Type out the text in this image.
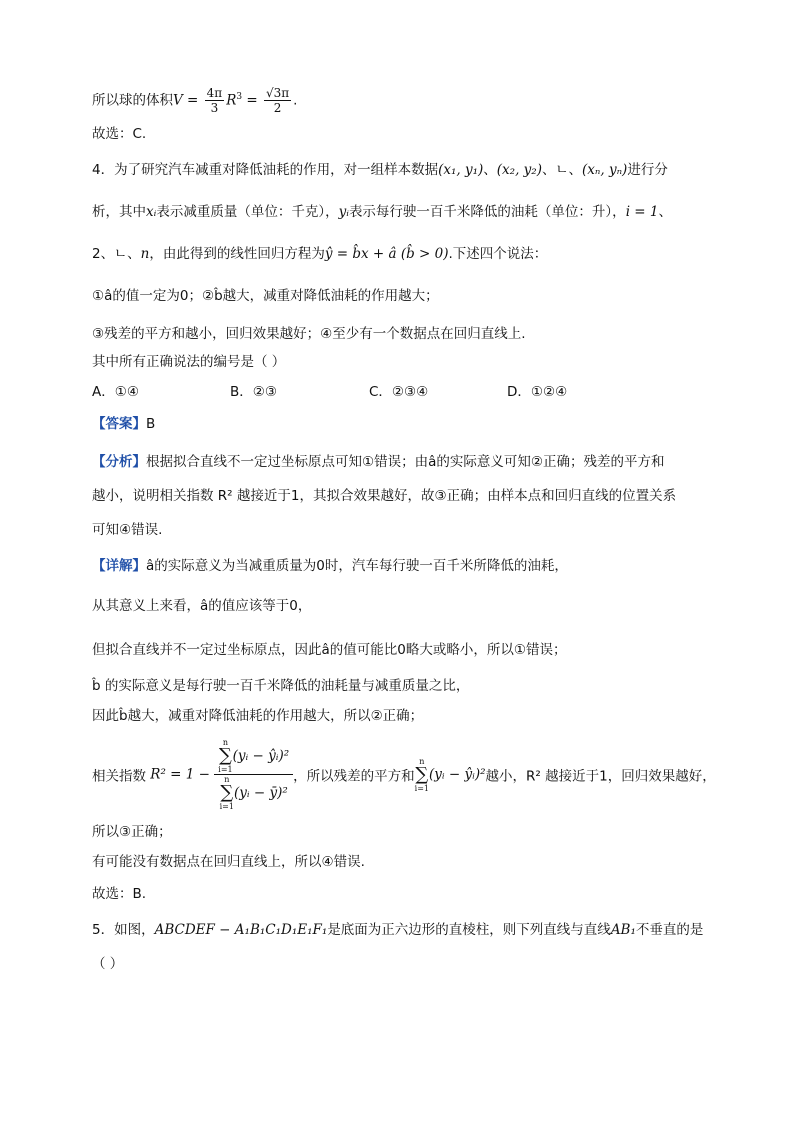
所以球的体积$V = \frac{4\pi}{3} R^3 = \frac{√3\pi}{2}$ .
故选：C.
4．为了研究汽车减重对降低油耗的作用，对一组样本数据(x₁, y₁)、(x₂, y₂)、ㄴ、(xₙ, yₙ)进行分
析，其中xᵢ表示减重质量（单位：千克），yᵢ表示每行驶一百千米降低的油耗（单位：升），i = 1、
2、ㄴ、n，由此得到的线性回归方程为ŷ = b̂x + â (b̂ > 0).下述四个说法：
①â的值一定为0；②b̂越大，减重对降低油耗的作用越大；
③残差的平方和越小，回归效果越好；④至少有一个数据点在回归直线上.
其中所有正确说法的编号是（ ）
A．①④	B．②③	C．②③④	D．①②④
【答案】B
【分析】根据拟合直线不一定过坐标原点可知①错误；由â的实际意义可知②正确；残差的平方和
越小，说明相关指数 R² 越接近于1，其拟合效果越好，故③正确；由样本点和回归直线的位置关系
可知④错误.
【详解】â的实际意义为当减重质量为0时，汽车每行驶一百千米所降低的油耗，
从其意义上来看，â的值应该等于0，
但拟合直线并不一定过坐标原点，因此â的值可能比0略大或略小，所以①错误；
b̂ 的实际意义是每行驶一百千米降低的油耗量与减重质量之比，
因此b̂越大，减重对降低油耗的作用越大，所以②正确；
相关指数 R² = 1 − n
∑
i=1
(yᵢ − ŷᵢ)²
n
∑
i=1
(yᵢ − ȳ)² ，所以残差的平方和
n
∑
i=1
(yᵢ − ŷᵢ)²越小，R² 越接近于1，回归效果越好，
所以③正确；
有可能没有数据点在回归直线上，所以④错误.
故选：B.
5．如图，ABCDEF − A₁B₁C₁D₁E₁F₁是底面为正六边形的直棱柱，则下列直线与直线AB₁不垂直的是
（ ）
